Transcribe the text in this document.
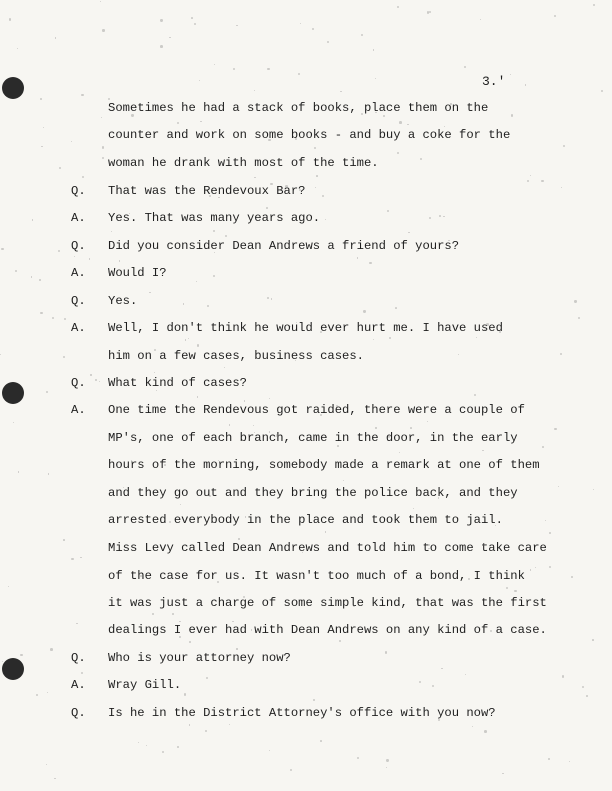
3.'
Sometimes he had a stack of books, place them on the
counter and work on some books - and buy a coke for the
woman he drank with most of the time.
Q. That was the Rendevoux Bar?
A. Yes. That was many years ago.
Q. Did you consider Dean Andrews a friend of yours?
A. Would I?
Q. Yes.
A. Well, I don't think he would ever hurt me. I have used
him on a few cases, business cases.
Q. What kind of cases?
A. One time the Rendevous got raided, there were a couple of
MP's, one of each branch, came in the door, in the early
hours of the morning, somebody made a remark at one of them
and they go out and they bring the police back, and they
arrested everybody in the place and took them to jail.
Miss Levy called Dean Andrews and told him to come take care
of the case for us. It wasn't too much of a bond, I think
it was just a charge of some simple kind, that was the first
dealings I ever had with Dean Andrews on any kind of a case.
Q. Who is your attorney now?
A. Wray Gill.
Q. Is he in the District Attorney's office with you now?
